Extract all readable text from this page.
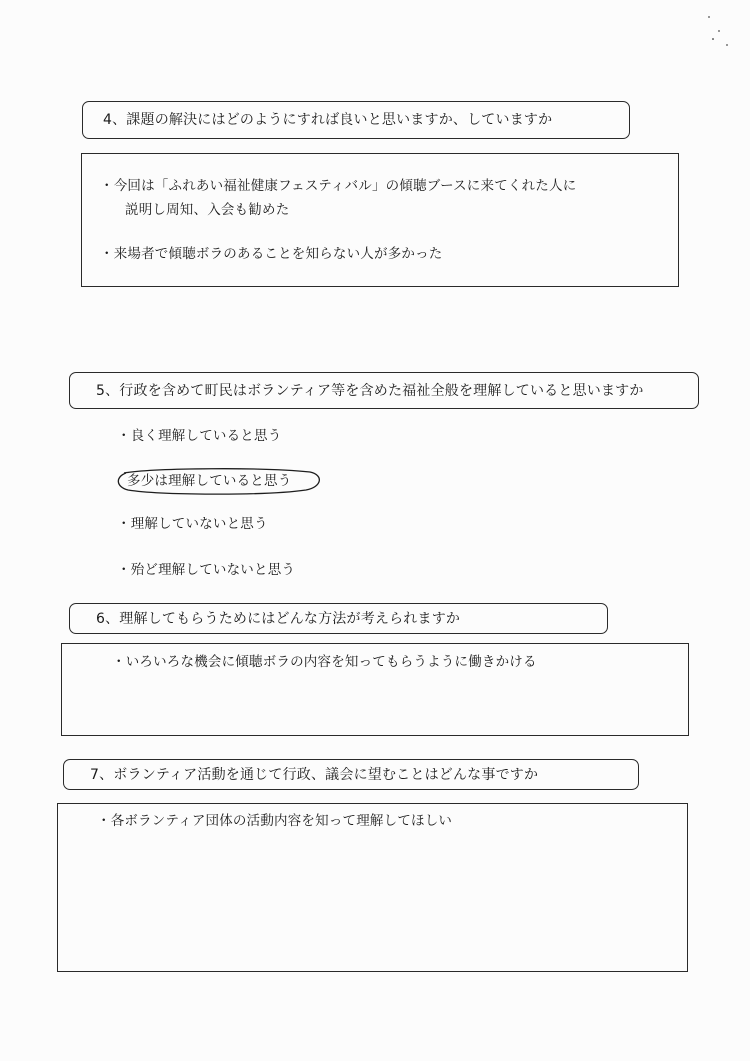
4、課題の解決にはどのようにすれば良いと思いますか、していますか
・今回は「ふれあい福祉健康フェスティバル」の傾聴ブースに来てくれた人に
説明し周知、入会も勧めた
・来場者で傾聴ボラのあることを知らない人が多かった
5、行政を含めて町民はボランティア等を含めた福祉全般を理解していると思いますか
・良く理解していると思う
多少は理解していると思う
・理解していないと思う
・殆ど理解していないと思う
6、理解してもらうためにはどんな方法が考えられますか
・いろいろな機会に傾聴ボラの内容を知ってもらうように働きかける
7、ボランティア活動を通じて行政、議会に望むことはどんな事ですか
・各ボランティア団体の活動内容を知って理解してほしい
